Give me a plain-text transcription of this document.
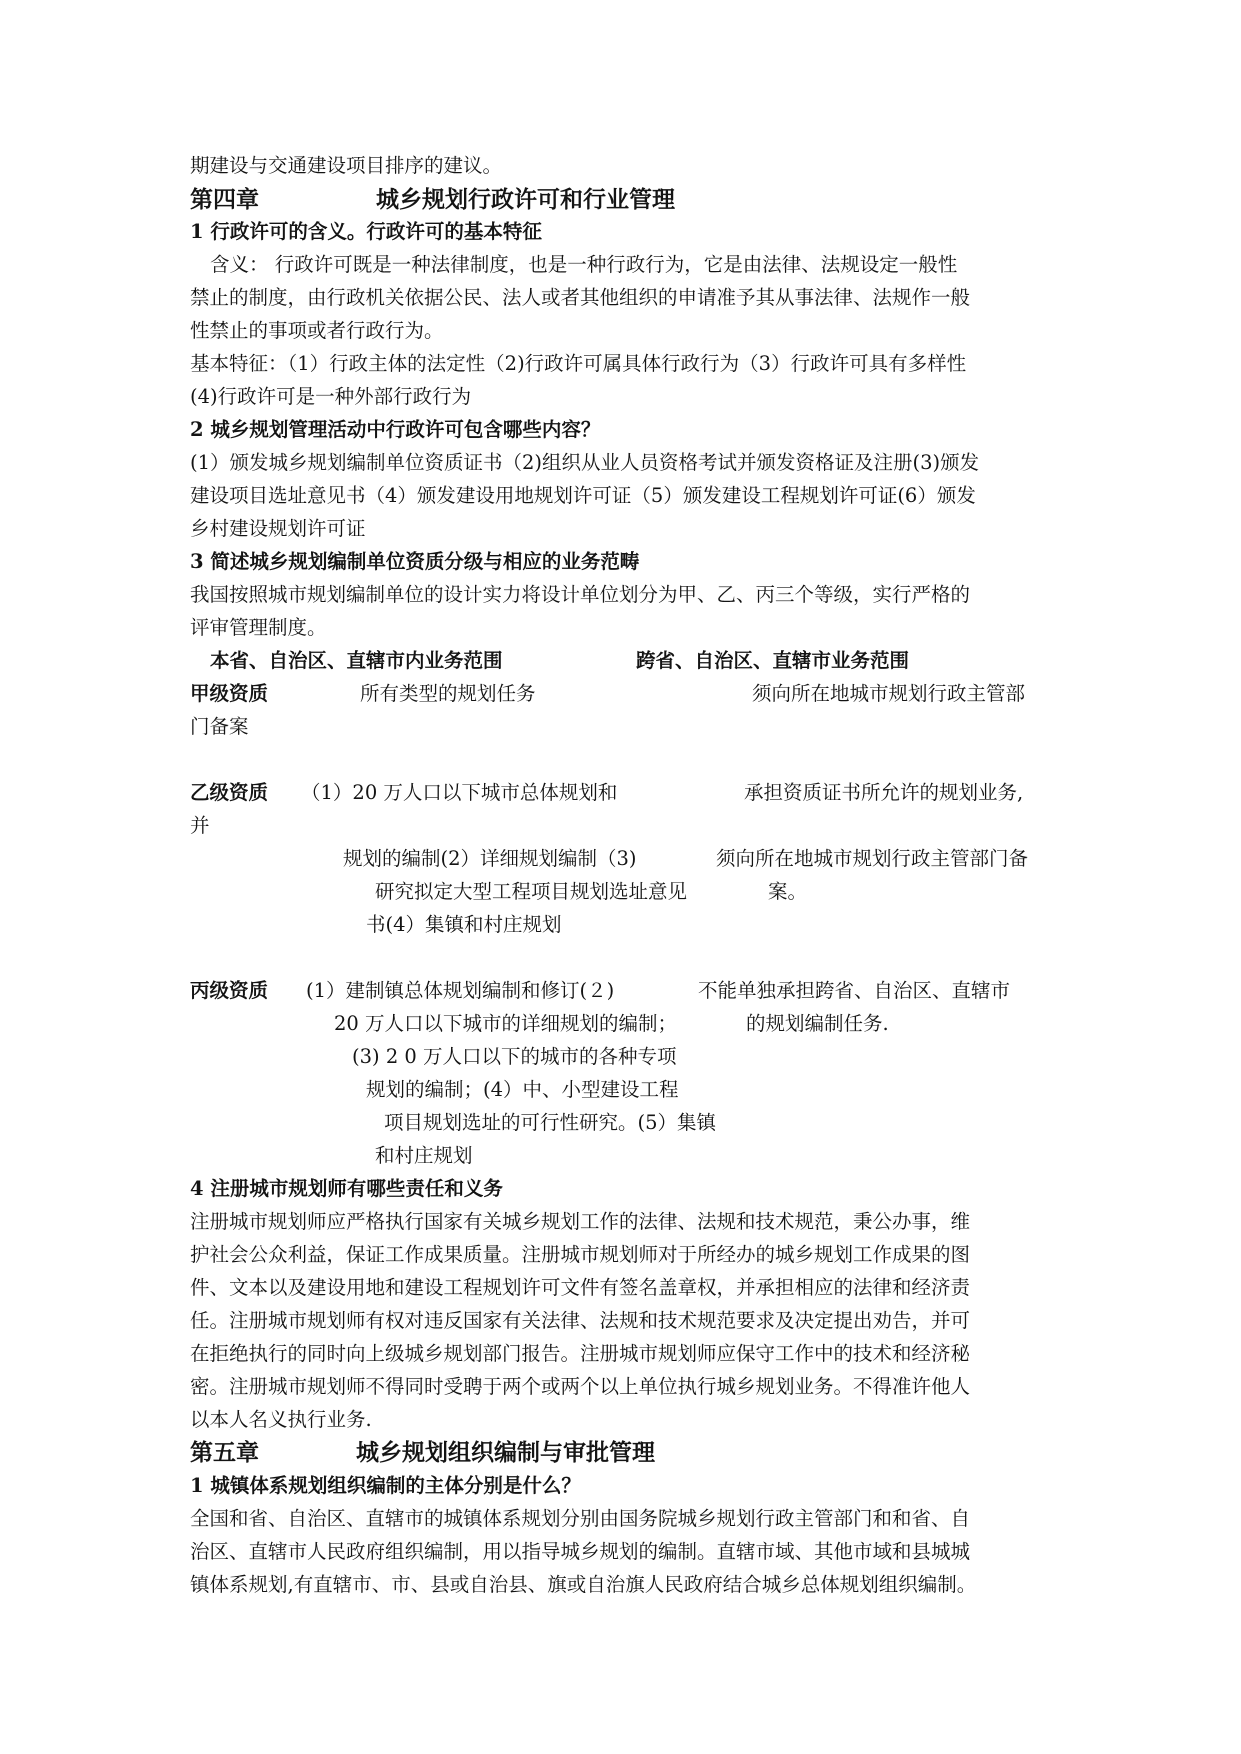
期建设与交通建设项目排序的建议。
第四章	城乡规划行政许可和行业管理
1 行政许可的含义。行政许可的基本特征
含义： 行政许可既是一种法律制度，也是一种行政行为，它是由法律、法规设定一般性
禁止的制度，由行政机关依据公民、法人或者其他组织的申请准予其从事法律、法规作一般
性禁止的事项或者行政行为。
基本特征：（1）行政主体的法定性（2)行政许可属具体行政行为（3）行政许可具有多样性
(4)行政许可是一种外部行政行为
2 城乡规划管理活动中行政许可包含哪些内容？
(1）颁发城乡规划编制单位资质证书（2)组织从业人员资格考试并颁发资格证及注册(3)颁发
建设项目选址意见书（4）颁发建设用地规划许可证（5）颁发建设工程规划许可证(6）颁发
乡村建设规划许可证
3 简述城乡规划编制单位资质分级与相应的业务范畴
我国按照城市规划编制单位的设计实力将设计单位划分为甲、乙、丙三个等级，实行严格的
评审管理制度。
本省、自治区、直辖市内业务范围	跨省、自治区、直辖市业务范围
甲级资质	所有类型的规划任务	须向所在地城市规划行政主管部
门备案
乙级资质 （1）20 万人口以下城市总体规划和	承担资质证书所允许的规划业务,
并
规划的编制(2）详细规划编制（3)	须向所在地城市规划行政主管部门备
研究拟定大型工程项目规划选址意见	案。
书(4）集镇和村庄规划
丙级资质 (1）建制镇总体规划编制和修订(２)	不能单独承担跨省、自治区、直辖市
20 万人口以下城市的详细规划的编制；	的规划编制任务.
(3) 2 0 万人口以下的城市的各种专项
规划的编制；(4）中、小型建设工程
项目规划选址的可行性研究。(5）集镇
和村庄规划
4 注册城市规划师有哪些责任和义务
注册城市规划师应严格执行国家有关城乡规划工作的法律、法规和技术规范，秉公办事，维
护社会公众利益，保证工作成果质量。注册城市规划师对于所经办的城乡规划工作成果的图
件、文本以及建设用地和建设工程规划许可文件有签名盖章权，并承担相应的法律和经济责
任。注册城市规划师有权对违反国家有关法律、法规和技术规范要求及决定提出劝告，并可
在拒绝执行的同时向上级城乡规划部门报告。注册城市规划师应保守工作中的技术和经济秘
密。注册城市规划师不得同时受聘于两个或两个以上单位执行城乡规划业务。不得准许他人
以本人名义执行业务.
第五章	城乡规划组织编制与审批管理
1 城镇体系规划组织编制的主体分别是什么？
全国和省、自治区、直辖市的城镇体系规划分别由国务院城乡规划行政主管部门和和省、自
治区、直辖市人民政府组织编制，用以指导城乡规划的编制。直辖市域、其他市域和县城城
镇体系规划,有直辖市、市、县或自治县、旗或自治旗人民政府结合城乡总体规划组织编制。
